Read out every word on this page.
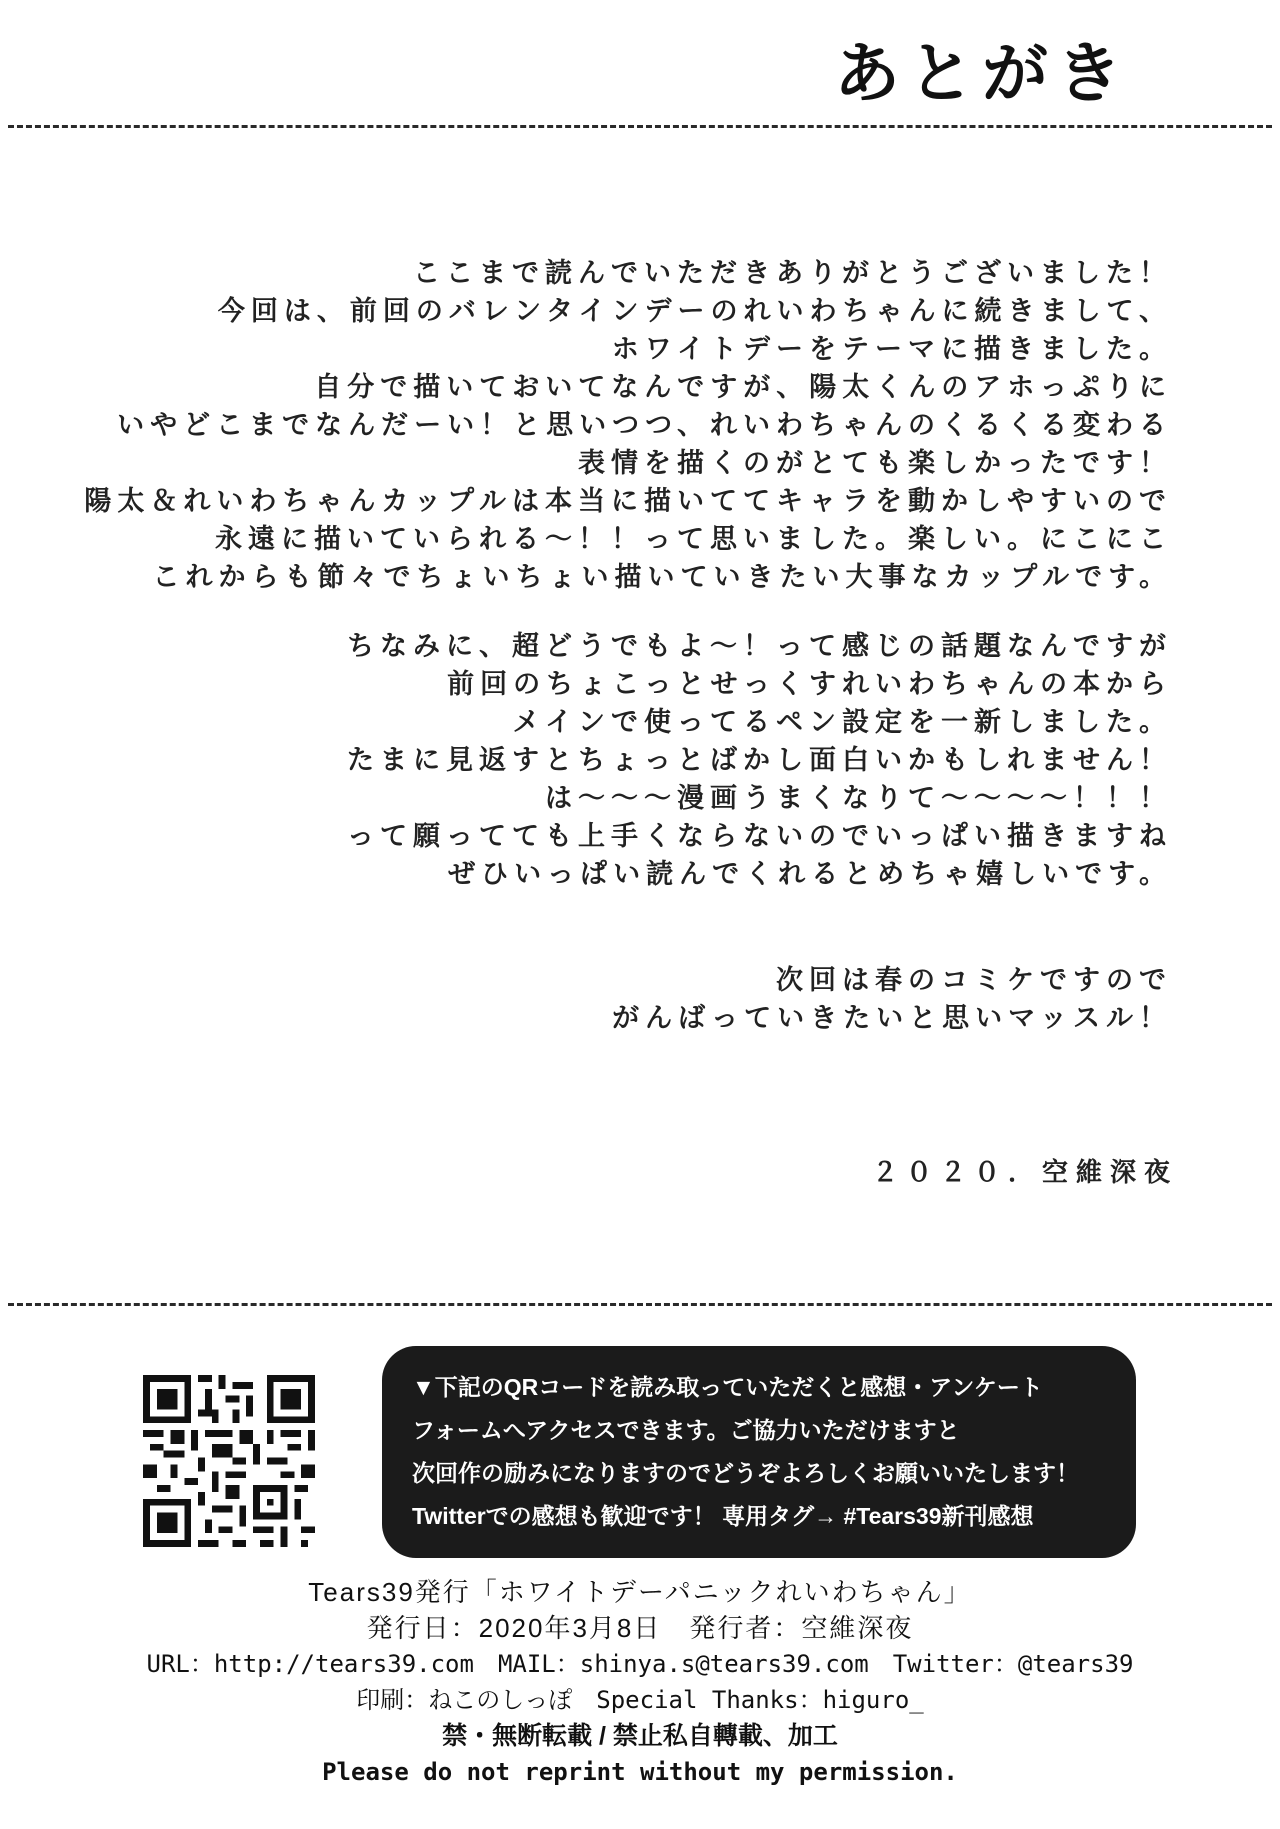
あとがき
ここまで読んでいただきありがとうございました！
今回は、前回のバレンタインデーのれいわちゃんに続きまして、
ホワイトデーをテーマに描きました。
自分で描いておいてなんですが、陽太くんのアホっぷりに
いやどこまでなんだーい！と思いつつ、れいわちゃんのくるくる変わる
表情を描くのがとても楽しかったです！
陽太＆れいわちゃんカップルは本当に描いててキャラを動かしやすいので
永遠に描いていられる～！！って思いました。楽しい。にこにこ
これからも節々でちょいちょい描いていきたい大事なカップルです。
ちなみに、超どうでもよ～！って感じの話題なんですが
前回のちょこっとせっくすれいわちゃんの本から
メインで使ってるペン設定を一新しました。
たまに見返すとちょっとばかし面白いかもしれません！
は～～～漫画うまくなりて～～～～！！！
って願ってても上手くならないのでいっぱい描きますね
ぜひいっぱい読んでくれるとめちゃ嬉しいです。
次回は春のコミケですので
がんばっていきたいと思いマッスル！
２０２０．空維深夜
▼下記のQRコードを読み取っていただくと感想・アンケート
フォームへアクセスできます。ご協力いただけますと
次回作の励みになりますのでどうぞよろしくお願いいたします！
Twitterでの感想も歓迎です！ 専用タグ→ #Tears39新刊感想
Tears39発行「ホワイトデーパニックれいわちゃん」
発行日：2020年3月8日　発行者：空維深夜
URL：http://tears39.com　MAIL：shinya.s@tears39.com　Twitter：@tears39
印刷：ねこのしっぽ　Special Thanks：higuro_
禁・無断転載 / 禁止私自轉載、加工
Please do not reprint without my permission.
